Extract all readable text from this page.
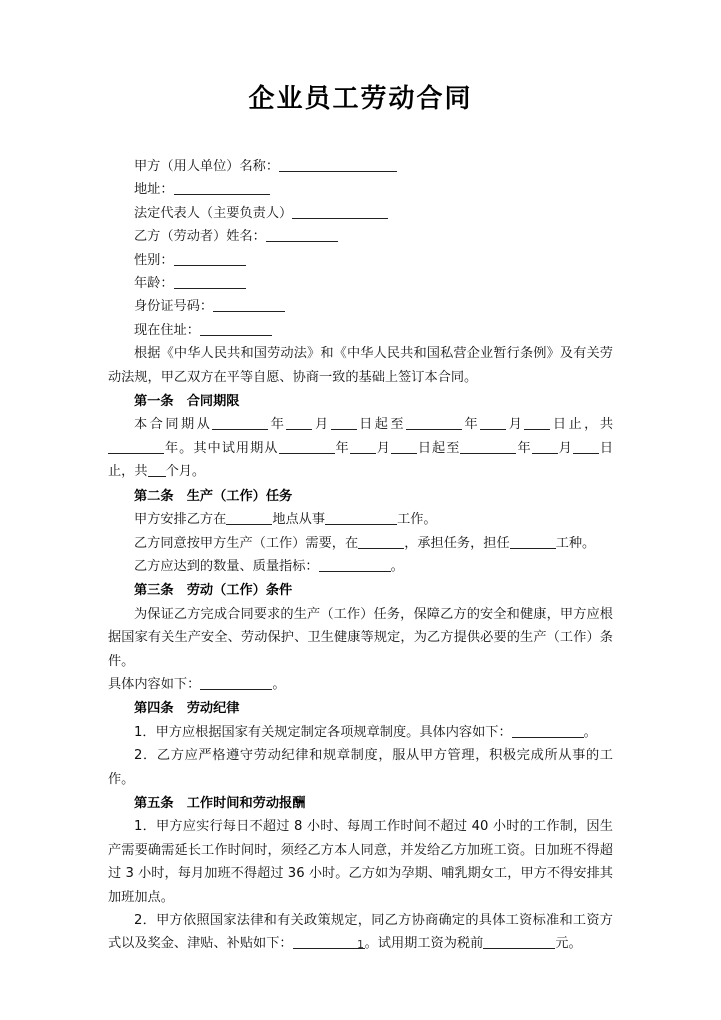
企业员工劳动合同
甲方（用人单位）名称：
地址：
法定代表人（主要负责人）
乙方（劳动者）姓名：
性别：
年龄：
身份证号码：
现在住址：

根据《中华人民共和国劳动法》和《中华人民共和国私营企业暂行条例》及有关劳动法规，甲乙双方在平等自愿、协商一致的基础上签订本合同。

第一条　合同期限

本合同期从	年 月 日起至	年 月 日止，共年。其中试用期从	年 月 日起至	年 月 日止，共 个月。

第二条　生产（工作）任务
甲方安排乙方在	地点从事	工作。
乙方同意按甲方生产（工作）需要，在	，承担任务，担任	工种。
乙方应达到的数量、质量指标：	。
第三条　劳动（工作）条件

为保证乙方完成合同要求的生产（工作）任务，保障乙方的安全和健康，甲方应根据国家有关生产安全、劳动保护、卫生健康等规定，为乙方提供必要的生产（工作）条件。

具体内容如下：	。
第四条　劳动纪律
1．甲方应根据国家有关规定制定各项规章制度。具体内容如下：	。

2．乙方应严格遵守劳动纪律和规章制度，服从甲方管理，积极完成所从事的工作。

第五条　工作时间和劳动报酬

1．甲方应实行每日不超过 8 小时、每周工作时间不超过 40 小时的工作制，因生产需要确需延长工作时间时，须经乙方本人同意，并发给乙方加班工资。日加班不得超过 3 小时，每月加班不得超过 36 小时。乙方如为孕期、哺乳期女工，甲方不得安排其加班加点。

2．甲方依照国家法律和有关政策规定，同乙方协商确定的具体工资标准和工资方式以及奖金、津贴、补贴如下：	。试用期工资为税前	元。

1
